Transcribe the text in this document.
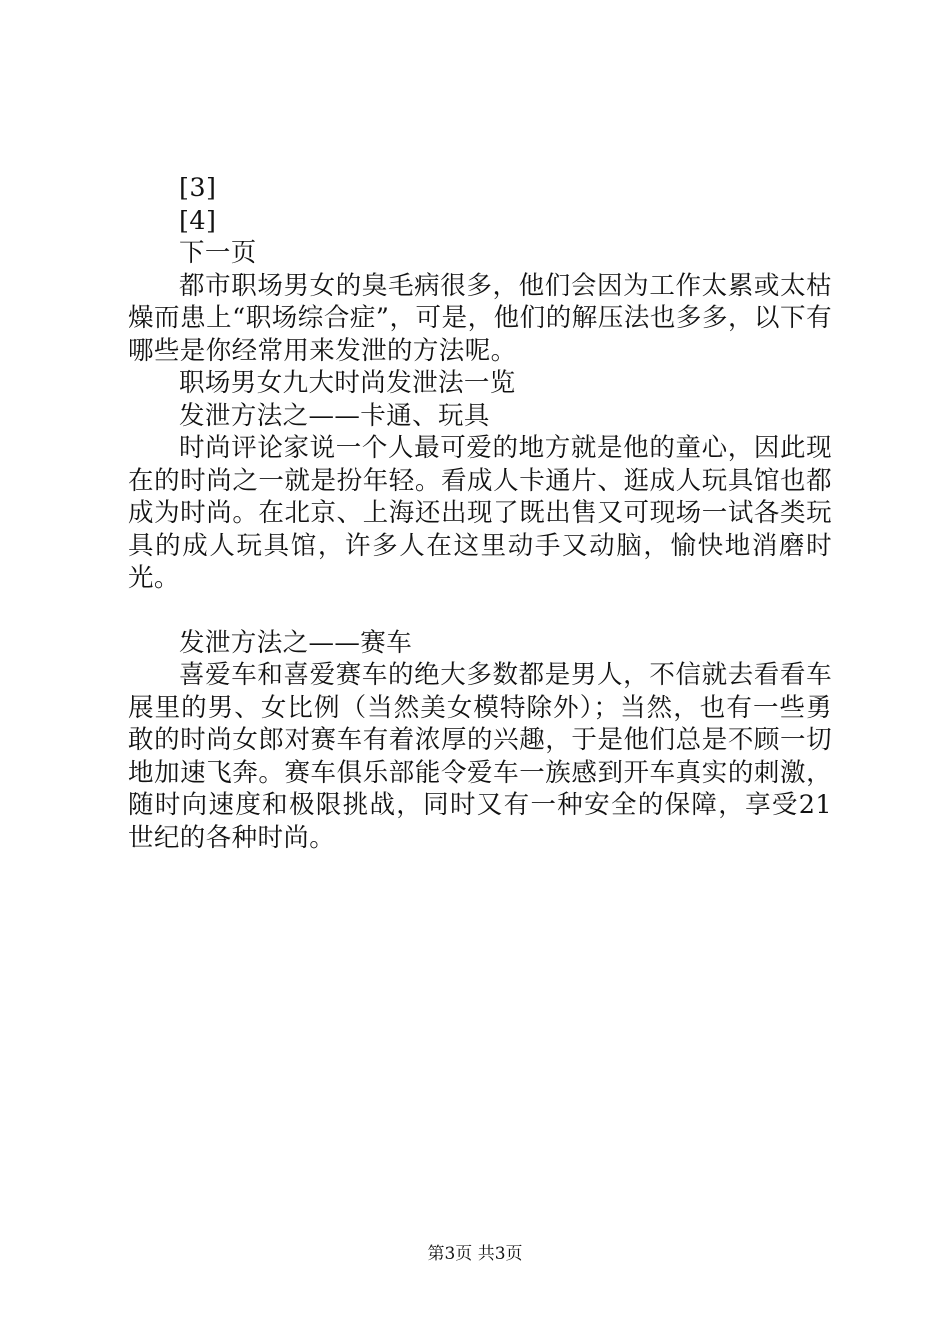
[3]

[4]

下一页

都市职场男女的臭毛病很多，他们会因为工作太累或太枯燥而患上“职场综合症”，可是，他们的解压法也多多，以下有哪些是你经常用来发泄的方法呢。

职场男女九大时尚发泄法一览

发泄方法之——卡通、玩具

时尚评论家说一个人最可爱的地方就是他的童心，因此现在的时尚之一就是扮年轻。看成人卡通片、逛成人玩具馆也都成为时尚。在北京、上海还出现了既出售又可现场一试各类玩具的成人玩具馆，许多人在这里动手又动脑，愉快地消磨时光。

发泄方法之——赛车

喜爱车和喜爱赛车的绝大多数都是男人，不信就去看看车展里的男、女比例（当然美女模特除外）；当然，也有一些勇敢的时尚女郎对赛车有着浓厚的兴趣，于是他们总是不顾一切地加速飞奔。赛车俱乐部能令爱车一族感到开车真实的刺激，随时向速度和极限挑战，同时又有一种安全的保障，享受21世纪的各种时尚。

第3页 共3页
